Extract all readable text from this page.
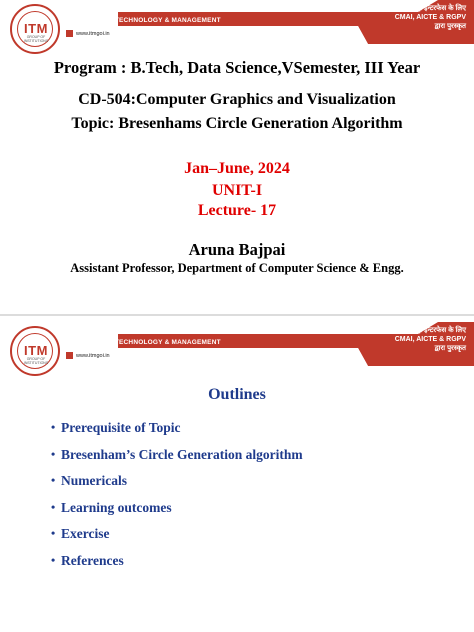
ITM
GROUP OF INSTITUTIONS
INSTITUTE OF TECHNOLOGY & MANAGEMENT
www.itmgoi.in
श्रेष्ठ इंडस्ट्री इन्टरफेस के लिए
CMAI, AICTE & RGPV
द्वारा पुरस्कृत
Program : B.Tech, Data Science,VSemester, III Year
CD-504:Computer Graphics and Visualization
Topic: Bresenhams Circle Generation Algorithm
Jan–June, 2024
UNIT-I
Lecture- 17
Aruna Bajpai
Assistant Professor, Department of Computer Science & Engg.
ITM
GROUP OF INSTITUTIONS
INSTITUTE OF TECHNOLOGY & MANAGEMENT
www.itmgoi.in
श्रेष्ठ इंडस्ट्री इन्टरफेस के लिए
CMAI, AICTE & RGPV
द्वारा पुरस्कृत
Outlines
• Prerequisite of Topic
• Bresenham’s Circle Generation algorithm
• Numericals
• Learning outcomes
• Exercise
• References
